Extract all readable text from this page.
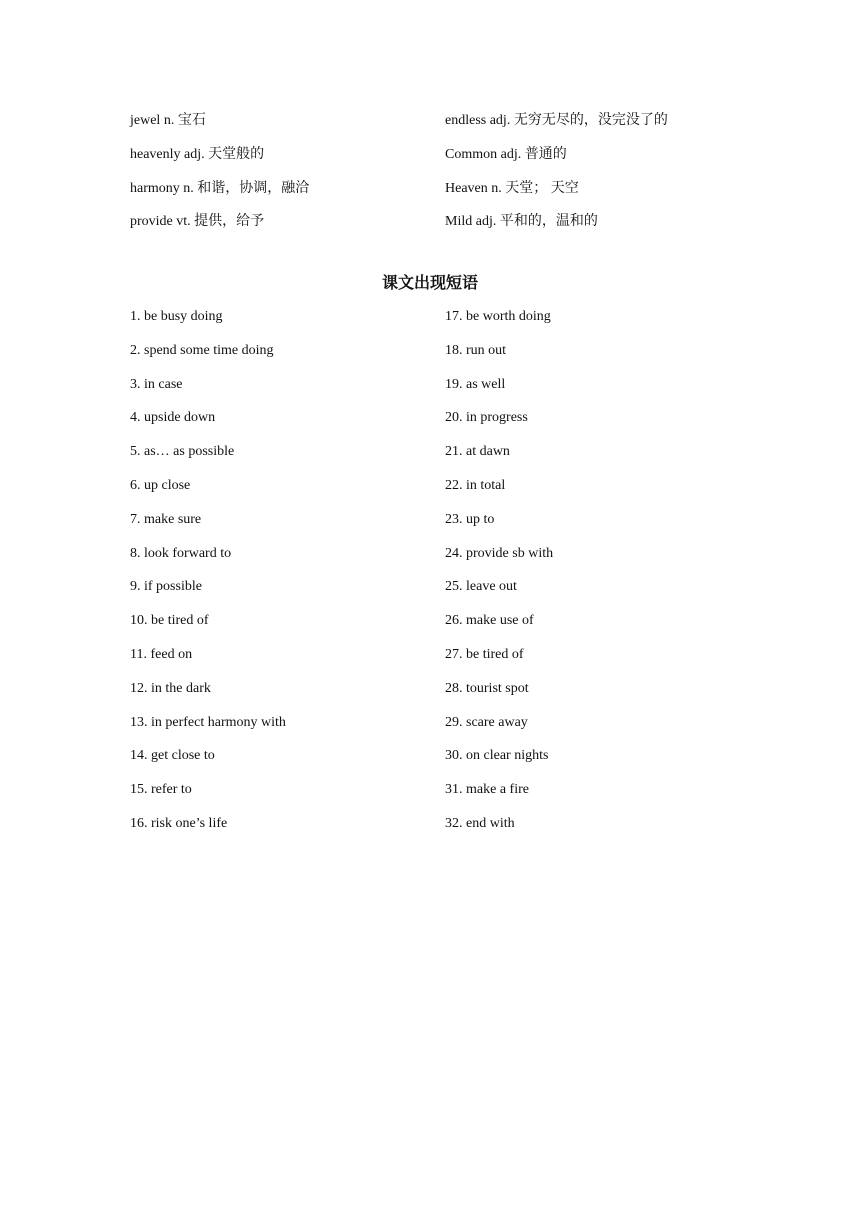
jewel n. 宝石	endless adj. 无穷无尽的，没完没了的
heavenly adj. 天堂般的	Common adj. 普通的
harmony n. 和谐，协调，融洽	Heaven n. 天堂； 天空
provide vt. 提供，给予	Mild adj. 平和的，温和的
课文出现短语
1. be busy doing	17. be worth doing
2. spend some time doing	18. run out
3. in case	19. as well
4. upside down	20. in progress
5. as… as possible	21. at dawn
6. up close	22. in total
7. make sure	23. up to
8. look forward to	24. provide sb with
9. if possible	25. leave out
10. be tired of	26. make use of
11. feed on	27. be tired of
12. in the dark	28. tourist spot
13. in perfect harmony with	29. scare away
14. get close to	30. on clear nights
15. refer to	31. make a fire
16. risk one’s life	32. end with
